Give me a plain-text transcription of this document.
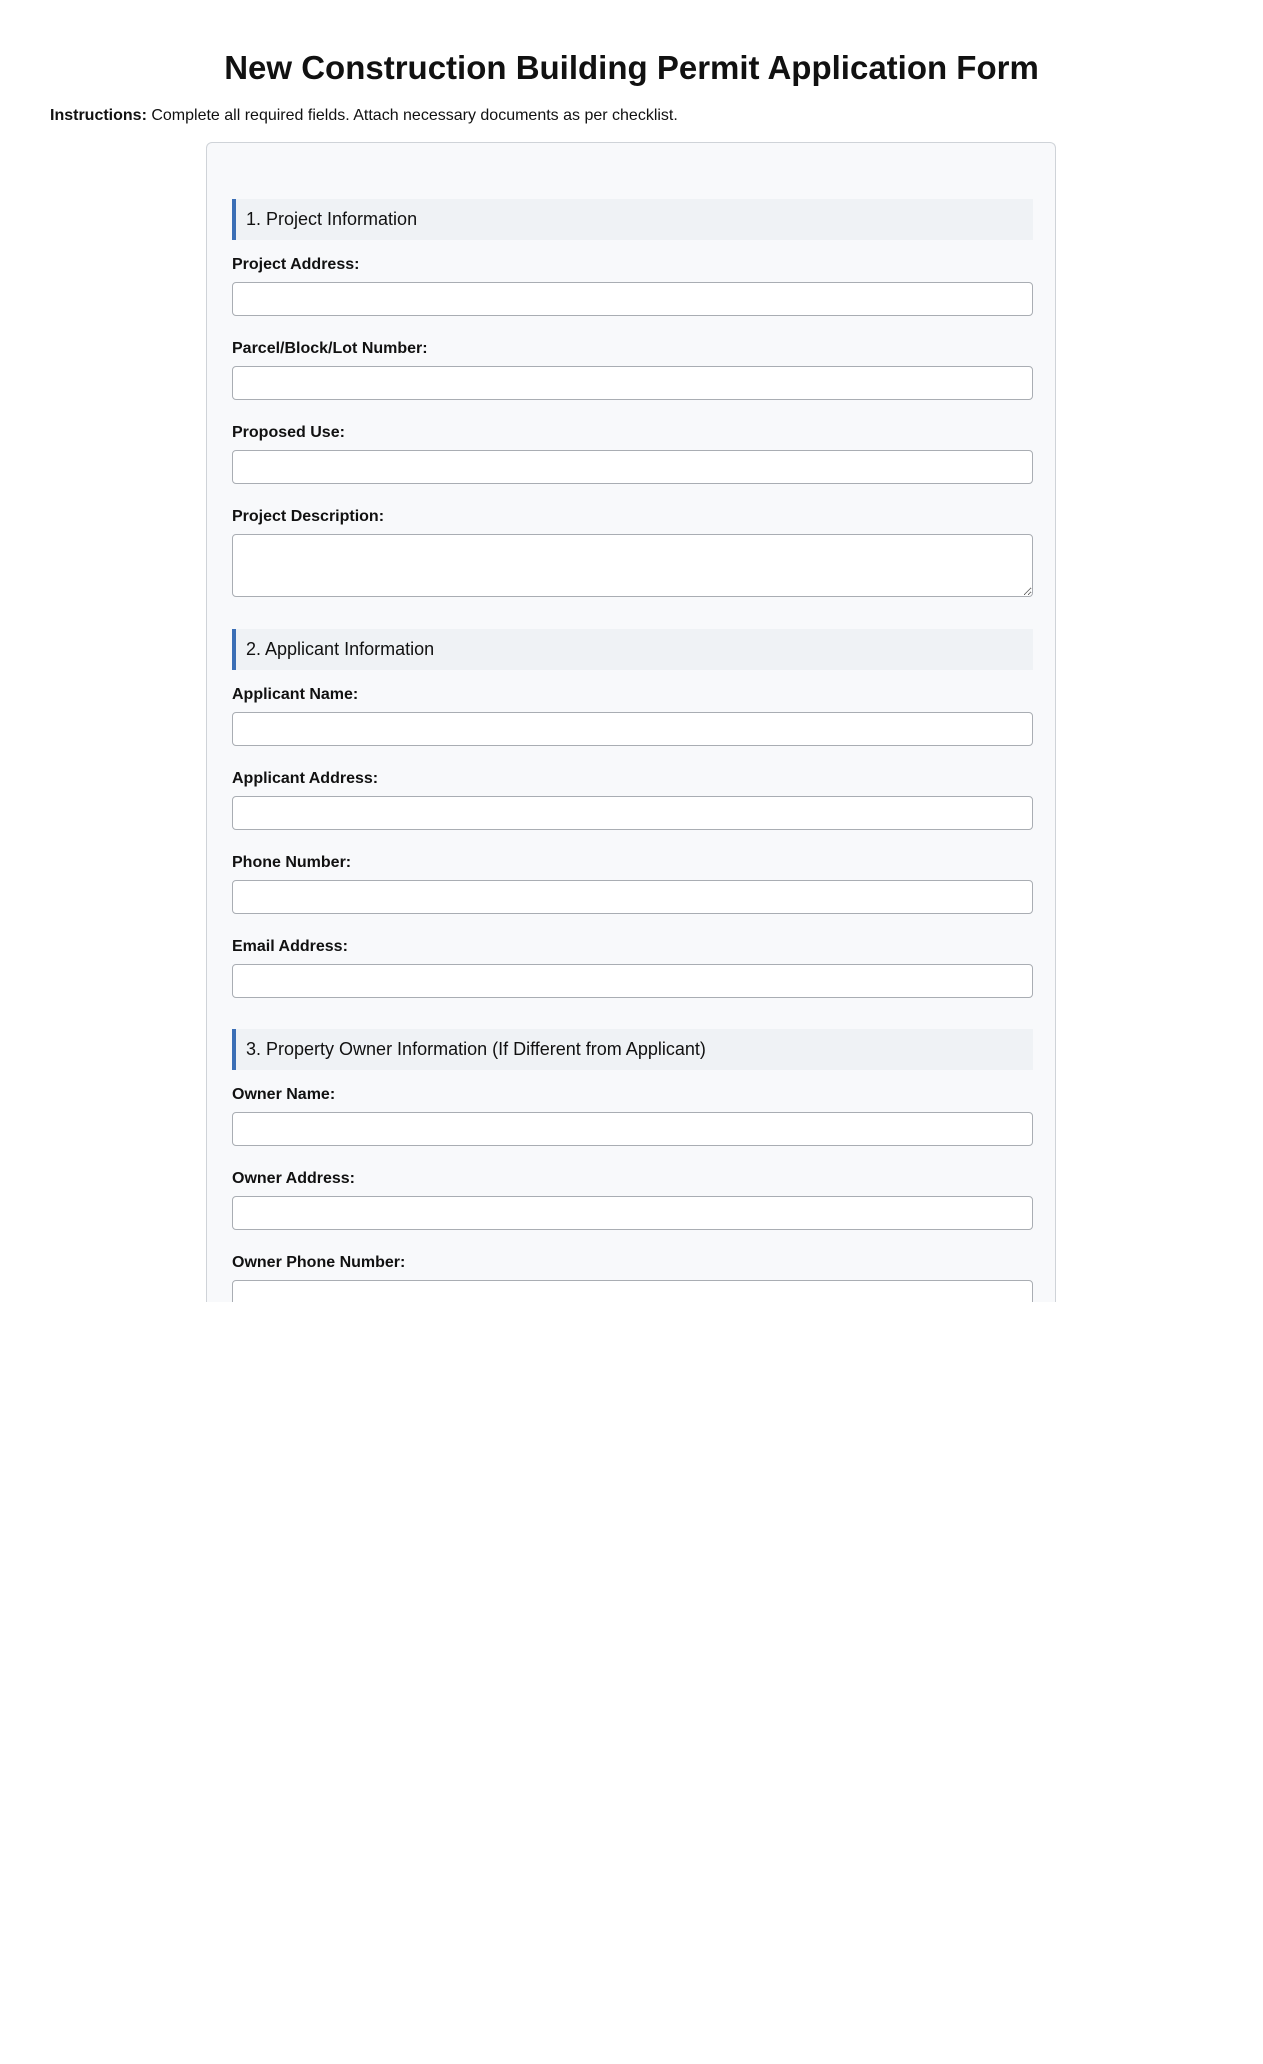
New Construction Building Permit Application Form

Instructions: Complete all required fields. Attach necessary documents as per checklist.

1. Project Information
Project Address:
Parcel/Block/Lot Number:
Proposed Use:
Project Description:
2. Applicant Information
Applicant Name:
Applicant Address:
Phone Number:
Email Address:
3. Property Owner Information (If Different from Applicant)
Owner Name:
Owner Address:
Owner Phone Number:
